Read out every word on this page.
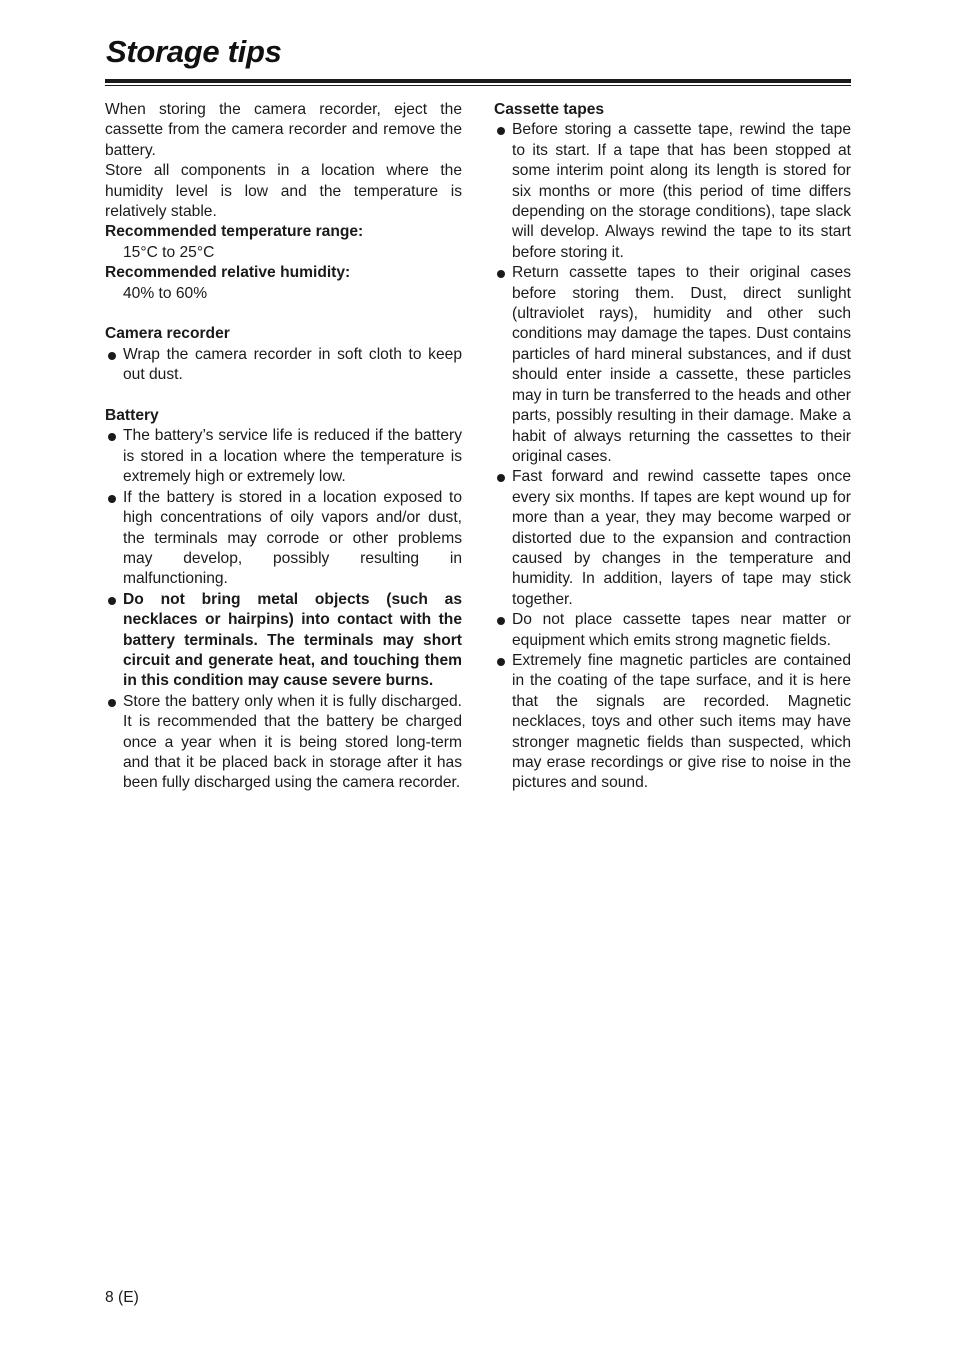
Storage tips

When storing the camera recorder, eject the cassette from the camera recorder and remove the battery.

Store all components in a location where the humidity level is low and the temperature is relatively stable.

Recommended temperature range:

15°C to 25°C

Recommended relative humidity:

40% to 60%

Camera recorder

Wrap the camera recorder in soft cloth to keep out dust.

Battery

The battery’s service life is reduced if the battery is stored in a location where the temperature is extremely high or extremely low.
If the battery is stored in a location exposed to high concentrations of oily vapors and/or dust, the terminals may corrode or other problems may develop, possibly resulting in malfunctioning.
Do not bring metal objects (such as necklaces or hairpins) into contact with the battery terminals. The terminals may short circuit and generate heat, and touching them in this condition may cause severe burns.
Store the battery only when it is fully discharged. It is recommended that the battery be charged once a year when it is being stored long-term and that it be placed back in storage after it has been fully discharged using the camera recorder.

Cassette tapes

Before storing a cassette tape, rewind the tape to its start. If a tape that has been stopped at some interim point along its length is stored for six months or more (this period of time differs depending on the storage conditions), tape slack will develop. Always rewind the tape to its start before storing it.
Return cassette tapes to their original cases before storing them. Dust, direct sunlight (ultraviolet rays), humidity and other such conditions may damage the tapes. Dust contains particles of hard mineral substances, and if dust should enter inside a cassette, these particles may in turn be transferred to the heads and other parts, possibly resulting in their damage. Make a habit of always returning the cassettes to their original cases.
Fast forward and rewind cassette tapes once every six months. If tapes are kept wound up for more than a year, they may become warped or distorted due to the expansion and contraction caused by changes in the temperature and humidity. In addition, layers of tape may stick together.
Do not place cassette tapes near matter or equipment which emits strong magnetic fields.
Extremely fine magnetic particles are contained in the coating of the tape surface, and it is here that the signals are recorded. Magnetic necklaces, toys and other such items may have stronger magnetic fields than suspected, which may erase recordings or give rise to noise in the pictures and sound.

8 (E)
